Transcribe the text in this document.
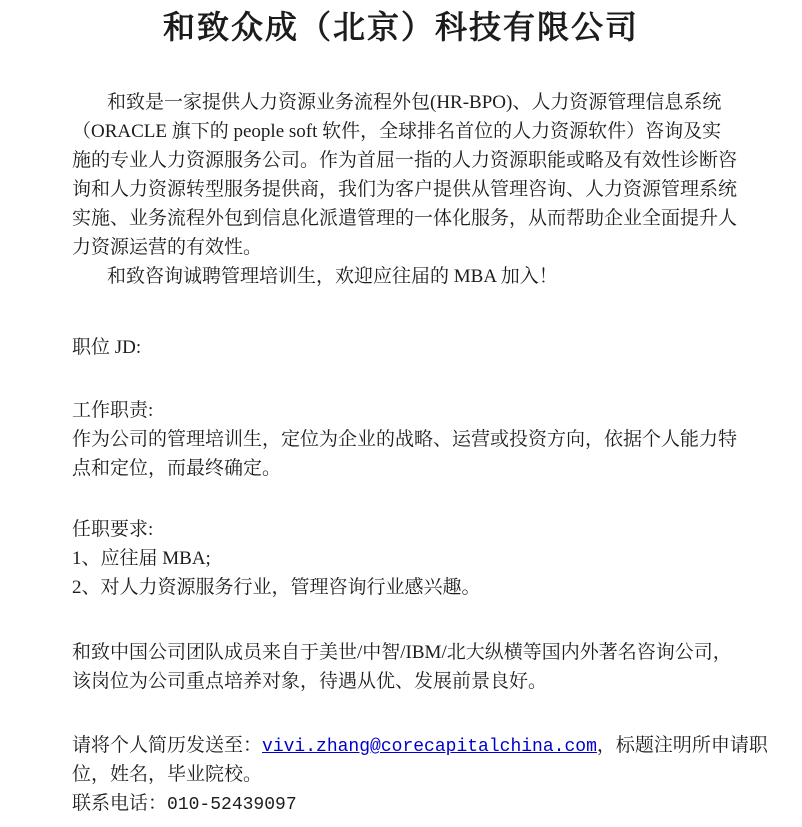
和致众成（北京）科技有限公司
和致是一家提供人力资源业务流程外包(HR-BPO)、人力资源管理信息系统
（ORACLE 旗下的 people soft 软件，全球排名首位的人力资源软件）咨询及实
施的专业人力资源服务公司。作为首屈一指的人力资源职能或略及有效性诊断咨
询和人力资源转型服务提供商，我们为客户提供从管理咨询、人力资源管理系统
实施、业务流程外包到信息化派遣管理的一体化服务，从而帮助企业全面提升人
力资源运营的有效性。
和致咨询诚聘管理培训生，欢迎应往届的 MBA 加入！
职位 JD:
工作职责:
作为公司的管理培训生，定位为企业的战略、运营或投资方向，依据个人能力特
点和定位，而最终确定。
任职要求:
1、应往届 MBA;
2、对人力资源服务行业，管理咨询行业感兴趣。
和致中国公司团队成员来自于美世/中智/IBM/北大纵横等国内外著名咨询公司，
该岗位为公司重点培养对象，待遇从优、发展前景良好。
请将个人简历发送至：vivi.zhang@corecapitalchina.com，标题注明所申请职
位，姓名，毕业院校。
联系电话：010-52439097
